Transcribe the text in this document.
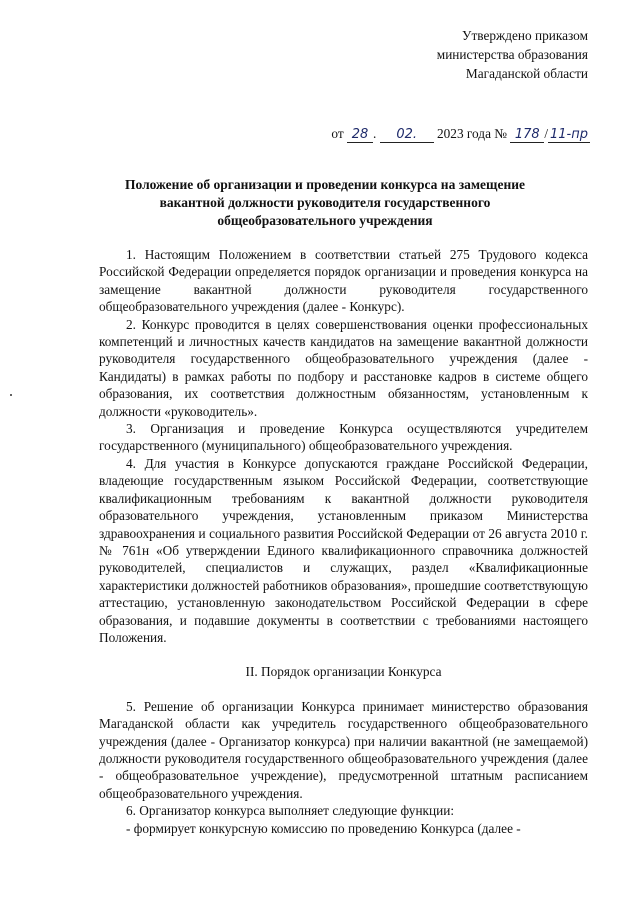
Утверждено приказом
министерства образования
Магаданской области
от 28 . 02. 2023 года № 178 / 11-пр
Положение об организации и проведении конкурса на замещение вакантной должности руководителя государственного общеобразовательного учреждения

1. Настоящим Положением в соответствии статьей 275 Трудового кодекса Российской Федерации определяется порядок организации и проведения конкурса на замещение вакантной должности руководителя государственного общеобразовательного учреждения (далее - Конкурс).

2. Конкурс проводится в целях совершенствования оценки профессиональных компетенций и личностных качеств кандидатов на замещение вакантной должности руководителя государственного общеобразовательного учреждения (далее - Кандидаты) в рамках работы по подбору и расстановке кадров в системе общего образования, их соответствия должностным обязанностям, установленным к должности «руководитель».

3. Организация и проведение Конкурса осуществляются учредителем государственного (муниципального) общеобразовательного учреждения.

4. Для участия в Конкурсе допускаются граждане Российской Федерации, владеющие государственным языком Российской Федерации, соответствующие квалификационным требованиям к вакантной должности руководителя образовательного учреждения, установленным приказом Министерства здравоохранения и социального развития Российской Федерации от 26 августа 2010 г. № 761н «Об утверждении Единого квалификационного справочника должностей руководителей, специалистов и служащих, раздел «Квалификационные характеристики должностей работников образования», прошедшие соответствующую аттестацию, установленную законодательством Российской Федерации в сфере образования, и подавшие документы в соответствии с требованиями настоящего Положения.

II. Порядок организации Конкурса

5. Решение об организации Конкурса принимает министерство образования Магаданской области как учредитель государственного общеобразовательного учреждения (далее - Организатор конкурса) при наличии вакантной (не замещаемой) должности руководителя государственного общеобразовательного учреждения (далее - общеобразовательное учреждение), предусмотренной штатным расписанием общеобразовательного учреждения.

6. Организатор конкурса выполняет следующие функции:

- формирует конкурсную комиссию по проведению Конкурса (далее -
